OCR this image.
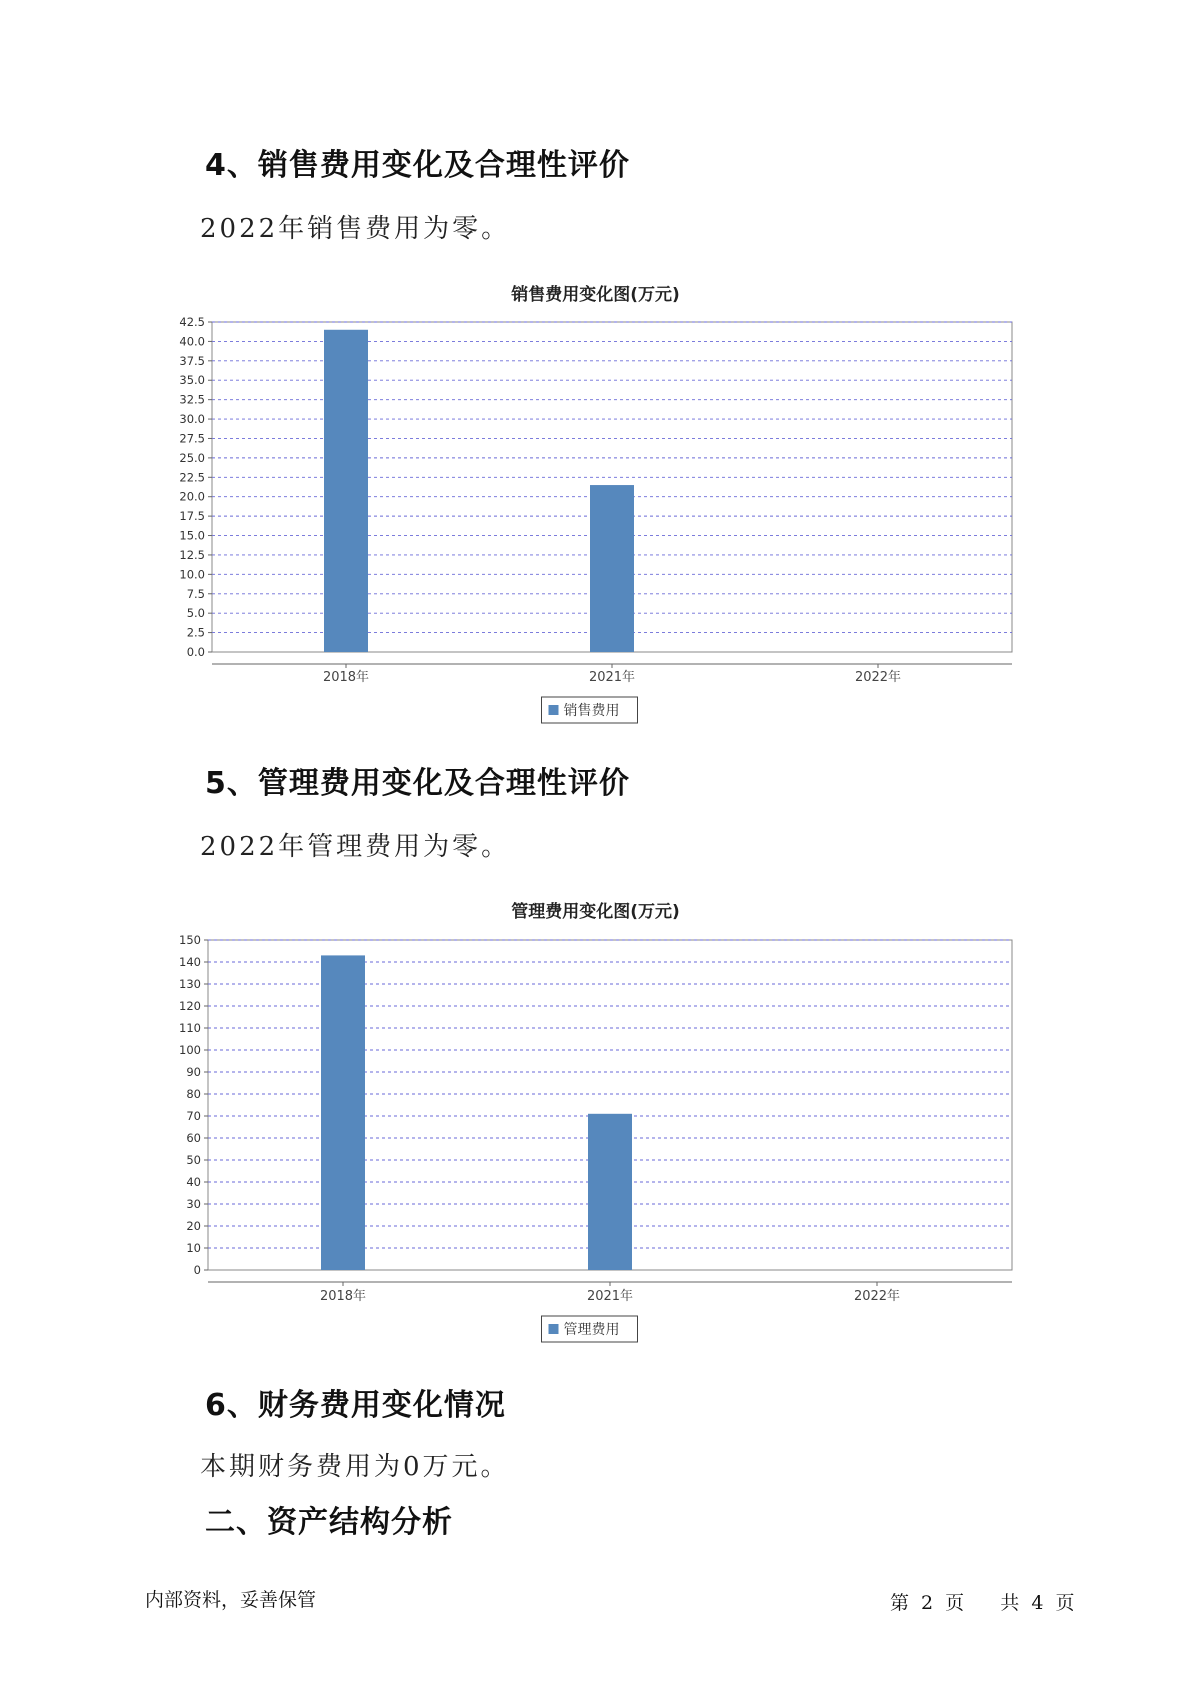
4、销售费用变化及合理性评价

2022年销售费用为零。

销售费用变化图(万元)
0.0
2.5
5.0
7.5
10.0
12.5
15.0
17.5
20.0
22.5
25.0
27.5
30.0
32.5
35.0
37.5
40.0
42.5
2018年	2021年	2022年
销售费用
5、管理费用变化及合理性评价

2022年管理费用为零。

管理费用变化图(万元)
0
10
20
30
40
50
60
70
80
90
100
110
120
130
140
150
2018年	2021年	2022年
管理费用
6、财务费用变化情况

本期财务费用为0万元。

二、资产结构分析
内部资料，妥善保管	第 2 页 共 4 页
